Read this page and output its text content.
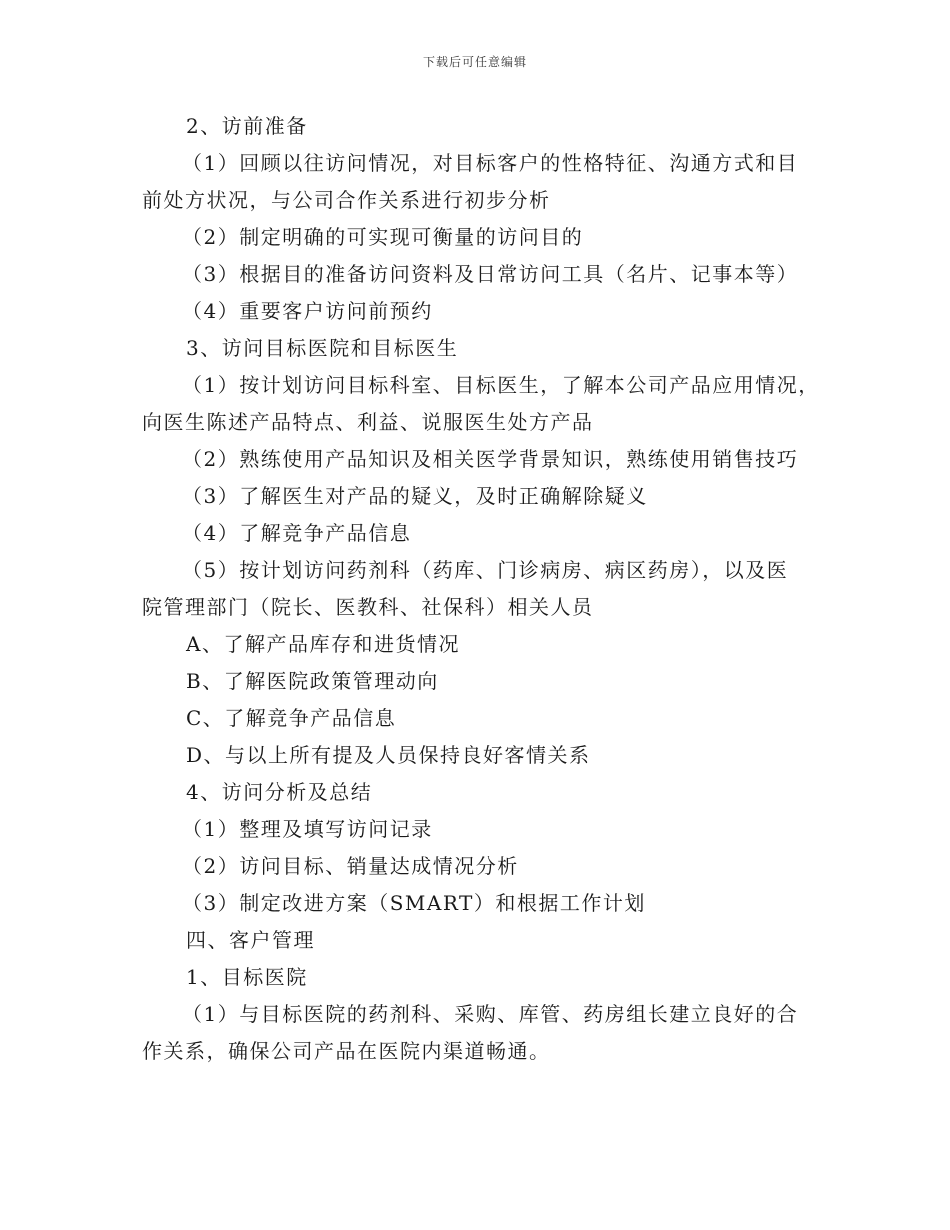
下载后可任意编辑
2、访前准备
（1）回顾以往访问情况，对目标客户的性格特征、沟通方式和目
前处方状况，与公司合作关系进行初步分析
（2）制定明确的可实现可衡量的访问目的
（3）根据目的准备访问资料及日常访问工具（名片、记事本等）
（4）重要客户访问前预约
3、访问目标医院和目标医生
（1）按计划访问目标科室、目标医生，了解本公司产品应用情况，
向医生陈述产品特点、利益、说服医生处方产品
（2）熟练使用产品知识及相关医学背景知识，熟练使用销售技巧
（3）了解医生对产品的疑义，及时正确解除疑义
（4）了解竞争产品信息
（5）按计划访问药剂科（药库、门诊病房、病区药房），以及医
院管理部门（院长、医教科、社保科）相关人员
A、了解产品库存和进货情况
B、了解医院政策管理动向
C、了解竞争产品信息
D、与以上所有提及人员保持良好客情关系
4、访问分析及总结
（1）整理及填写访问记录
（2）访问目标、销量达成情况分析
（3）制定改进方案（SMART）和根据工作计划
四、客户管理
1、目标医院
（1）与目标医院的药剂科、采购、库管、药房组长建立良好的合
作关系，确保公司产品在医院内渠道畅通。
